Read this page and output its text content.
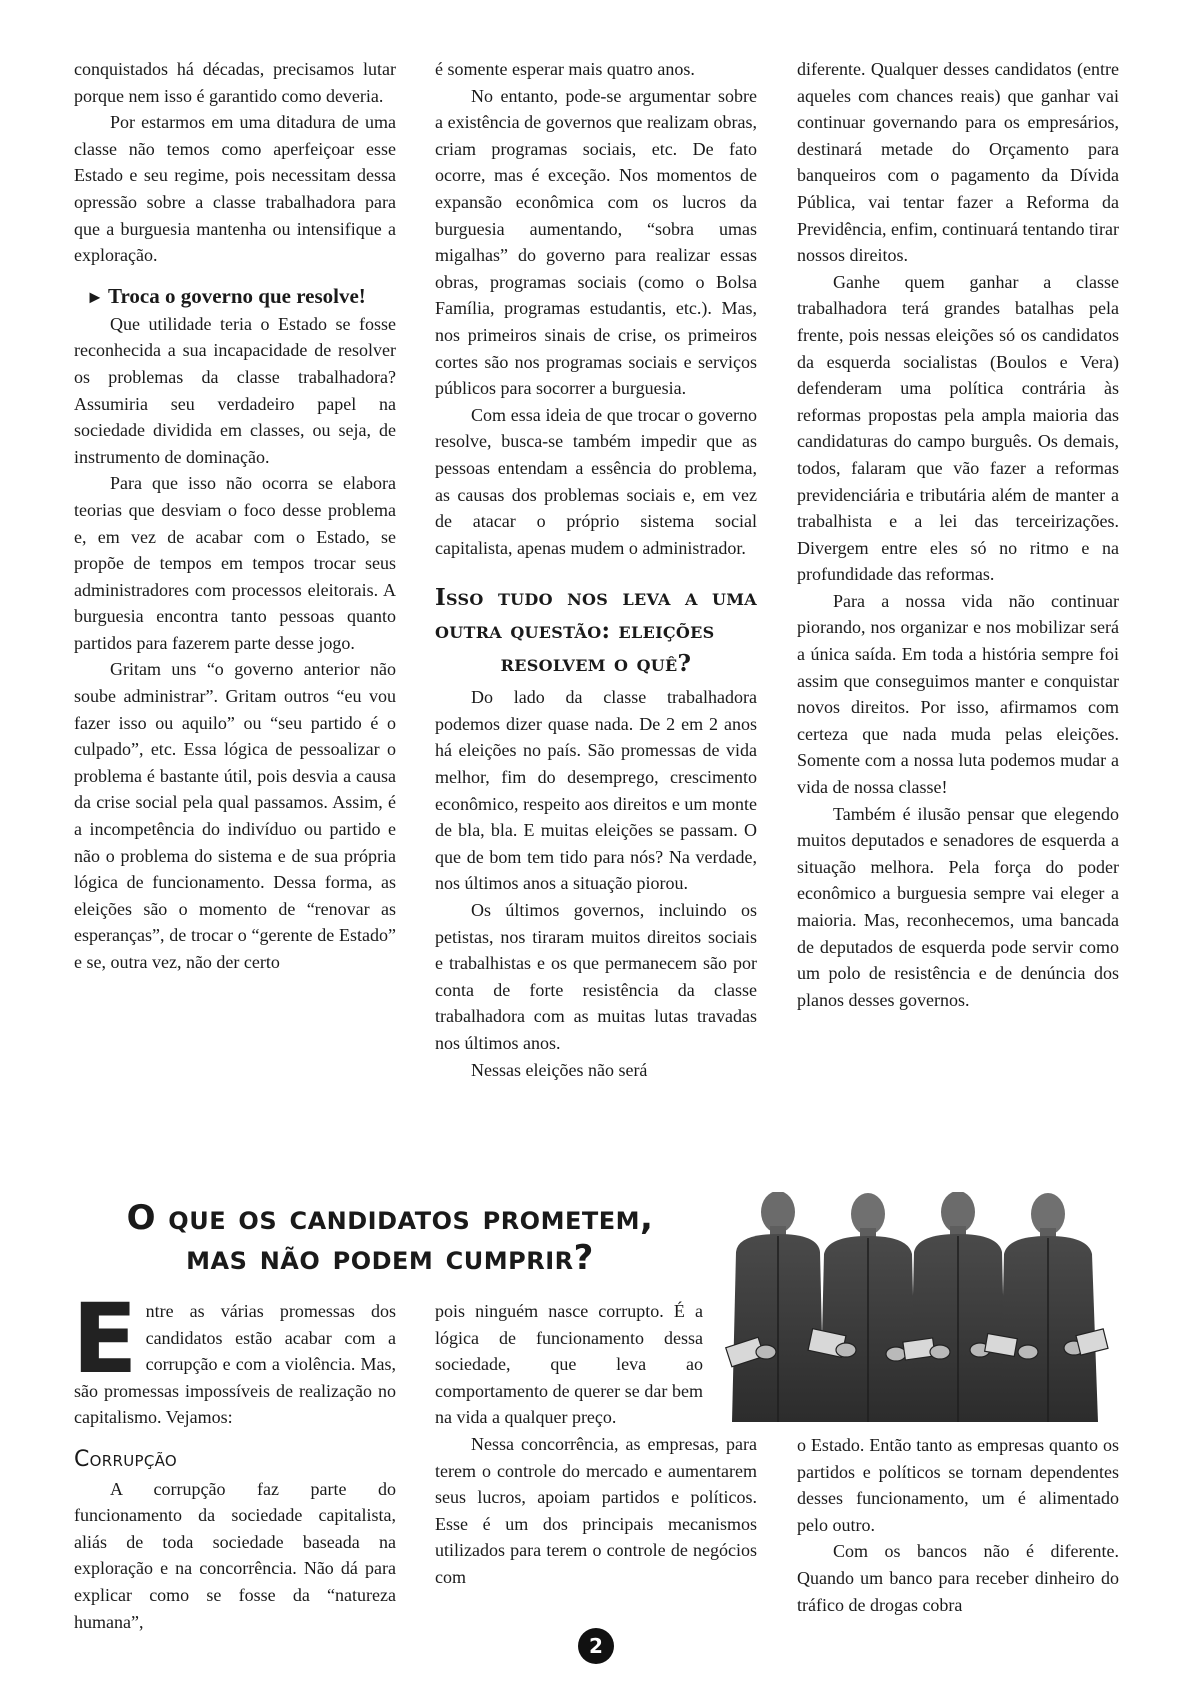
conquistados há décadas, precisamos lutar porque nem isso é garantido como deveria.

Por estarmos em uma ditadura de uma classe não temos como aperfeiçoar esse Estado e seu regime, pois necessitam dessa opressão sobre a classe trabalhadora para que a burguesia mantenha ou intensifique a exploração.

► Troca o governo que resolve!

Que utilidade teria o Estado se fosse reconhecida a sua incapacidade de resolver os problemas da classe trabalhadora? Assumiria seu verdadeiro papel na sociedade dividida em classes, ou seja, de instrumento de dominação.

Para que isso não ocorra se elabora teorias que desviam o foco desse problema e, em vez de acabar com o Estado, se propõe de tempos em tempos trocar seus administradores com processos eleitorais. A burguesia encontra tanto pessoas quanto partidos para fazerem parte desse jogo.

Gritam uns “o governo anterior não soube administrar”. Gritam outros “eu vou fazer isso ou aquilo” ou “seu partido é o culpado”, etc. Essa lógica de pessoalizar o problema é bastante útil, pois desvia a causa da crise social pela qual passamos. Assim, é a incompetência do indivíduo ou partido e não o problema do sistema e de sua própria lógica de funcionamento. Dessa forma, as eleições são o momento de “renovar as esperanças”, de trocar o “gerente de Estado” e se, outra vez, não der certo

é somente esperar mais quatro anos.

No entanto, pode-se argumentar sobre a existência de governos que realizam obras, criam programas sociais, etc. De fato ocorre, mas é exceção. Nos momentos de expansão econômica com os lucros da burguesia aumentando, “sobra umas migalhas” do governo para realizar essas obras, programas sociais (como o Bolsa Família, programas estudantis, etc.). Mas, nos primeiros sinais de crise, os primeiros cortes são nos programas sociais e serviços públicos para socorrer a burguesia.

Com essa ideia de que trocar o governo resolve, busca-se também impedir que as pessoas entendam a essência do problema, as causas dos problemas sociais e, em vez de atacar o próprio sistema social capitalista, apenas mudem o administrador.

Isso tudo nos leva a uma outra questão: eleições
resolvem o quê?

Do lado da classe trabalhadora podemos dizer quase nada. De 2 em 2 anos há eleições no país. São promessas de vida melhor, fim do desemprego, crescimento econômico, respeito aos direitos e um monte de bla, bla. E muitas eleições se passam. O que de bom tem tido para nós? Na verdade, nos últimos anos a situação piorou.

Os últimos governos, incluindo os petistas, nos tiraram muitos direitos sociais e trabalhistas e os que permanecem são por conta de forte resistência da classe trabalhadora com as muitas lutas travadas nos últimos anos.

Nessas eleições não será

diferente. Qualquer desses candidatos (entre aqueles com chances reais) que ganhar vai continuar governando para os empresários, destinará metade do Orçamento para banqueiros com o pagamento da Dívida Pública, vai tentar fazer a Reforma da Previdência, enfim, continuará tentando tirar nossos direitos.

Ganhe quem ganhar a classe trabalhadora terá grandes batalhas pela frente, pois nessas eleições só os candidatos da esquerda socialistas (Boulos e Vera) defenderam uma política contrária às reformas propostas pela ampla maioria das candidaturas do campo burguês. Os demais, todos, falaram que vão fazer a reformas previdenciária e tributária além de manter a trabalhista e a lei das terceirizações. Divergem entre eles só no ritmo e na profundidade das reformas.

Para a nossa vida não continuar piorando, nos organizar e nos mobilizar será a única saída. Em toda a história sempre foi assim que conseguimos manter e conquistar novos direitos. Por isso, afirmamos com certeza que nada muda pelas eleições. Somente com a nossa luta podemos mudar a vida de nossa classe!

Também é ilusão pensar que elegendo muitos deputados e senadores de esquerda a situação melhora. Pela força do poder econômico a burguesia sempre vai eleger a maioria. Mas, reconhecemos, uma bancada de deputados de esquerda pode servir como um polo de resistência e de denúncia dos planos desses governos.

O que os candidatos prometem,
mas não podem cumprir?
E ntre as várias promessas dos candidatos estão acabar com a corrupção e com a violência. Mas, são promessas impossíveis de realização no capitalismo. Vejamos:

Corrupção

A corrupção faz parte do funcionamento da sociedade capitalista, aliás de toda sociedade baseada na exploração e na concorrência. Não dá para explicar como se fosse da “natureza humana”,

pois ninguém nasce corrupto. É a lógica de funcionamento dessa sociedade, que leva ao comportamento de querer se dar bem na vida a qualquer preço.

Nessa concorrência, as empresas, para terem o controle do mercado e aumentarem seus lucros, apoiam partidos e políticos. Esse é um dos principais mecanismos utilizados para terem o controle de negócios com

o Estado. Então tanto as empresas quanto os partidos e políticos se tornam dependentes desses funcionamento, um é alimentado pelo outro.

Com os bancos não é diferente. Quando um banco para receber dinheiro do tráfico de drogas cobra

2
